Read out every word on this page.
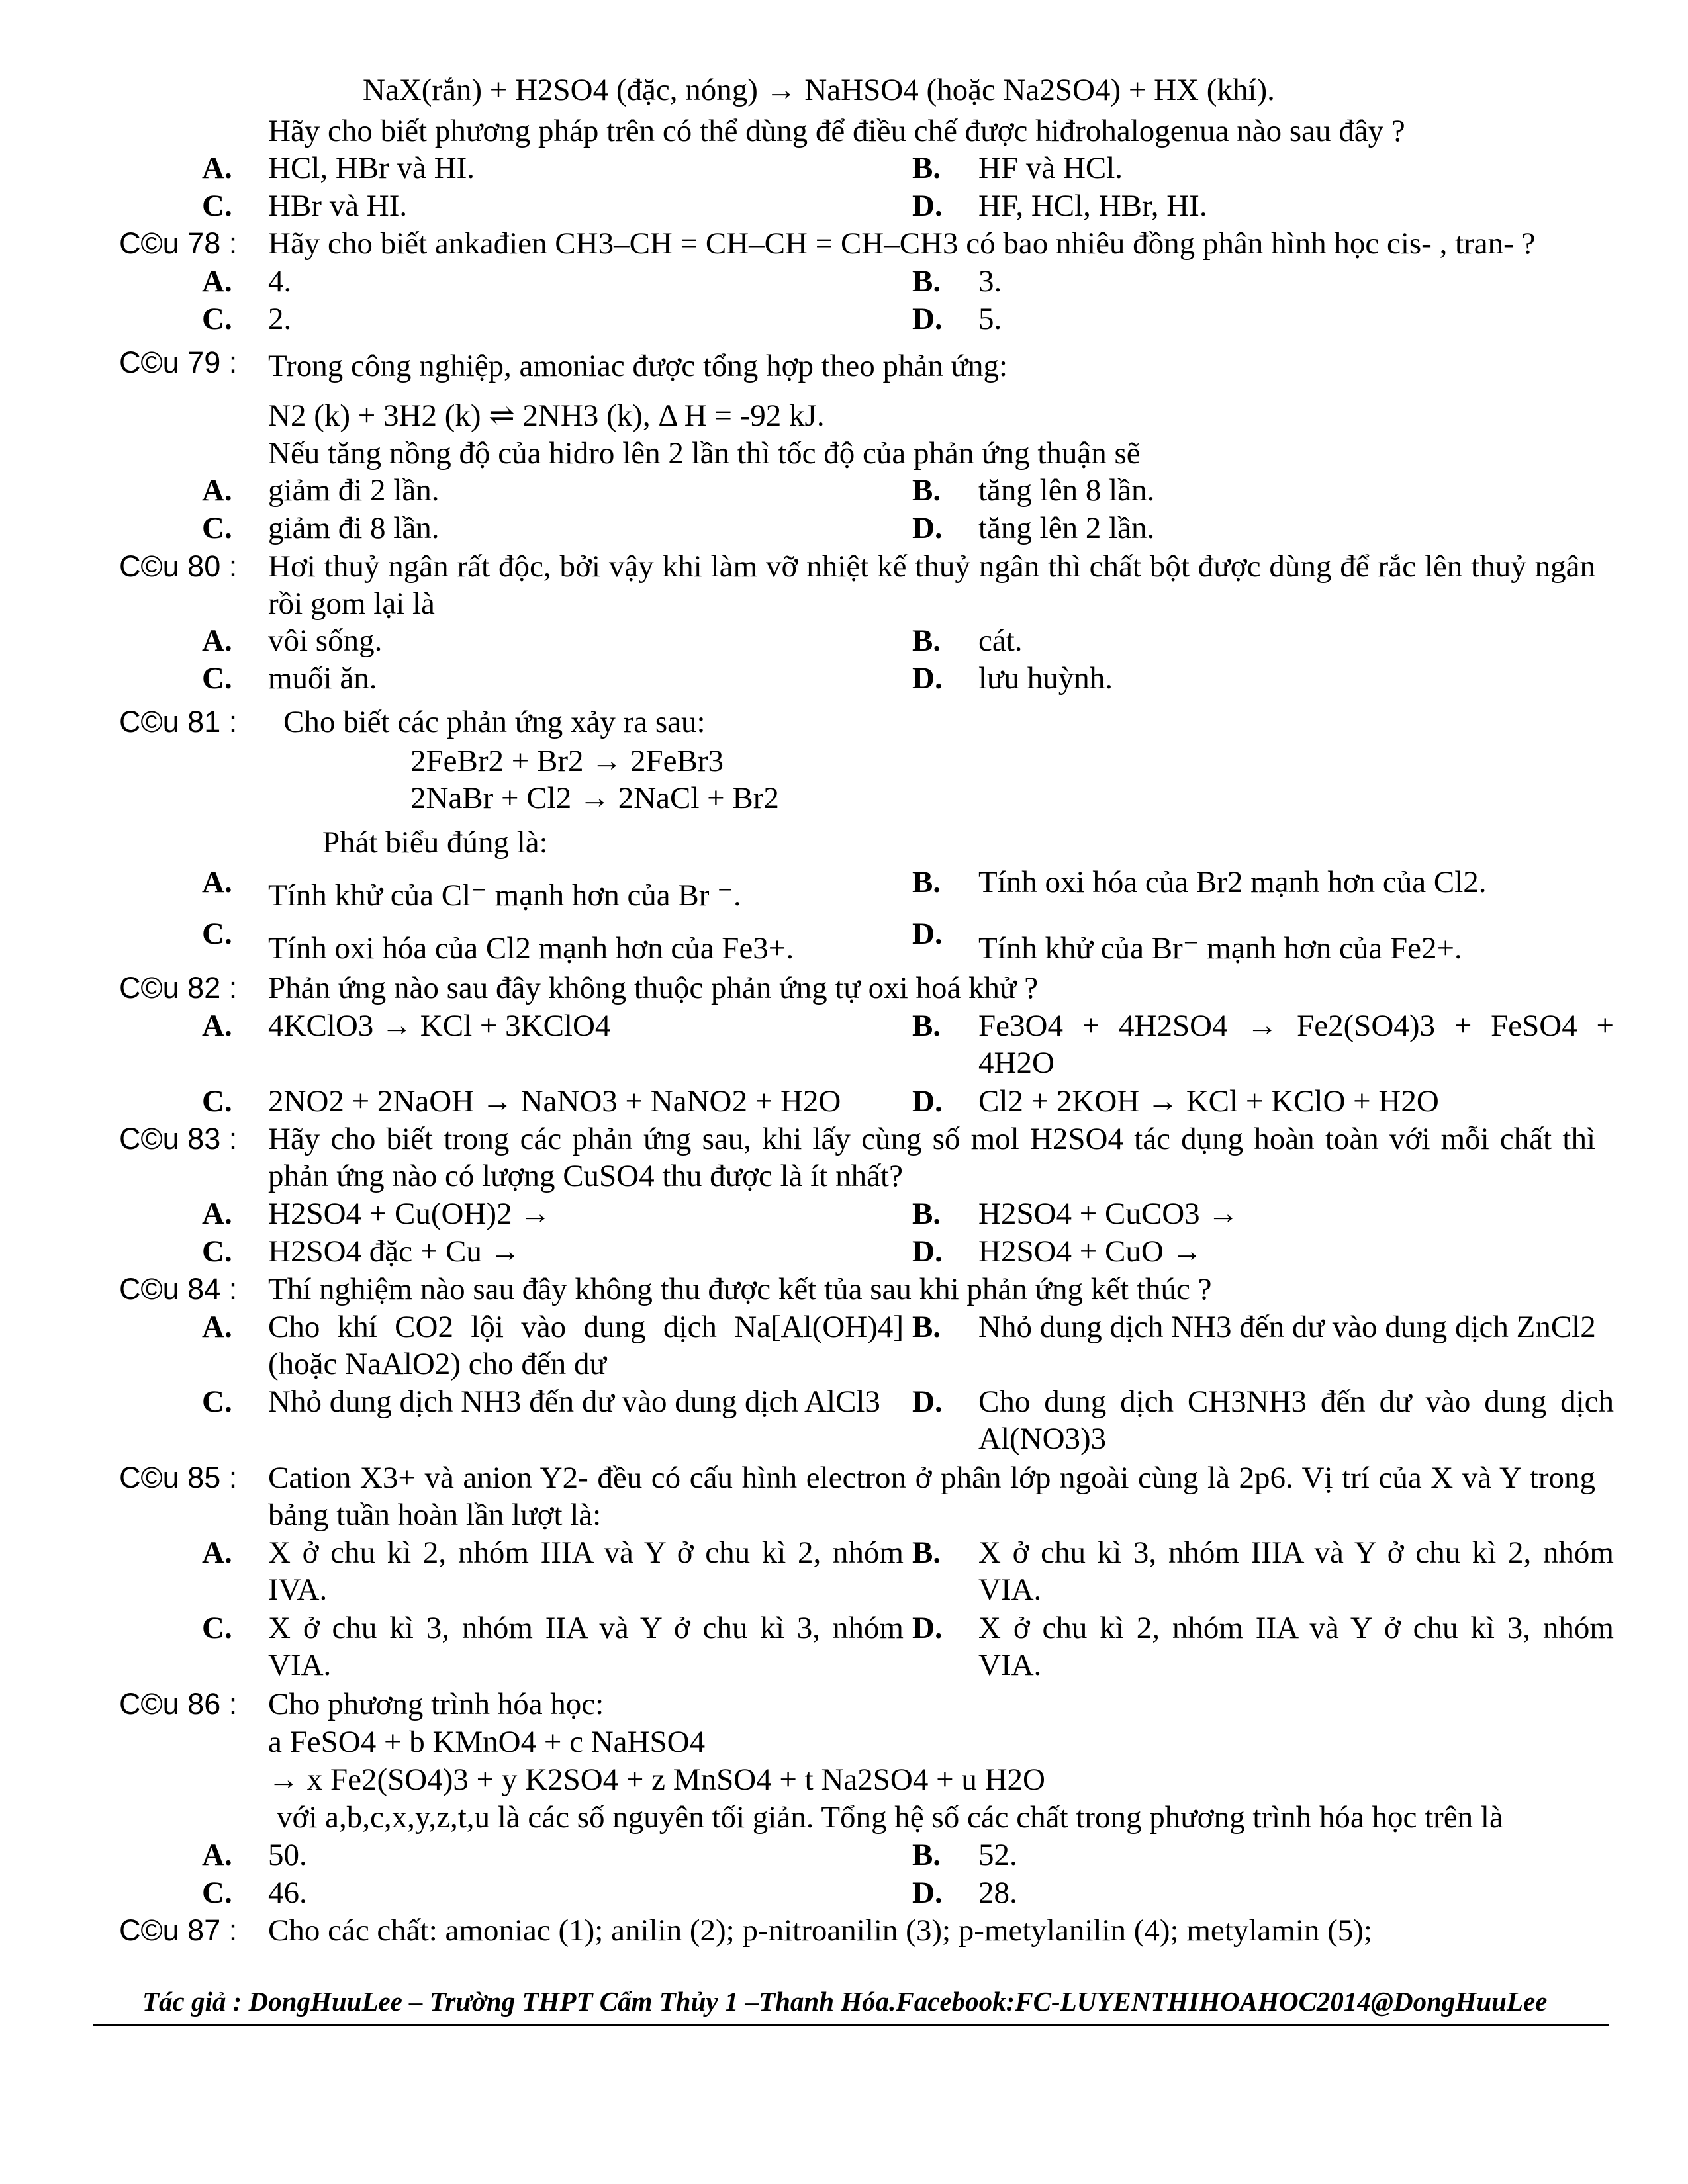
NaX(rắn) + H2SO4 (đặc, nóng) → NaHSO4 (hoặc Na2SO4) + HX (khí).
Hãy cho biết phương pháp trên có thể dùng để điều chế được hiđrohalogenua nào sau đây ?
A. HCl, HBr và HI.	B. HF và HCl.
C. HBr và HI.	D. HF, HCl, HBr, HI.
C©u 78 : Hãy cho biết ankađien CH3–CH = CH–CH = CH–CH3 có bao nhiêu đồng phân hình học cis- , tran- ?
A. 4.	B. 3.
C. 2.	D. 5.
C©u 79 : Trong công nghiệp, amoniac được tổng hợp theo phản ứng:
N2 (k) + 3H2 (k) ⇌ 2NH3 (k), Δ H = -92 kJ.
Nếu tăng nồng độ của hidro lên 2 lần thì tốc độ của phản ứng thuận sẽ
A. giảm đi 2 lần.	B. tăng lên 8 lần.
C. giảm đi 8 lần.	D. tăng lên 2 lần.
C©u 80 : Hơi thuỷ ngân rất độc, bởi vậy khi làm vỡ nhiệt kế thuỷ ngân thì chất bột được dùng để rắc lên thuỷ ngân rồi gom lại là
A. vôi sống.	B. cát.
C. muối ăn.	D. lưu huỳnh.
C©u 81 : Cho biết các phản ứng xảy ra sau:
2FeBr2 + Br2 → 2FeBr3
2NaBr + Cl2 → 2NaCl + Br2
Phát biểu đúng là:
A. Tính khử của Cl⁻ mạnh hơn của Br ⁻.	B. Tính oxi hóa của Br2 mạnh hơn của Cl2.
C. Tính oxi hóa của Cl2 mạnh hơn của Fe3+.	D. Tính khử của Br⁻ mạnh hơn của Fe2+.
C©u 82 : Phản ứng nào sau đây không thuộc phản ứng tự oxi hoá khử ?
A. 4KClO3 → KCl + 3KClO4	B. Fe3O4 + 4H2SO4 → Fe2(SO4)3 + FeSO4 + 4H2O
C. 2NO2 + 2NaOH → NaNO3 + NaNO2 + H2O D. Cl2 + 2KOH → KCl + KClO + H2O
C©u 83 : Hãy cho biết trong các phản ứng sau, khi lấy cùng số mol H2SO4 tác dụng hoàn toàn với mỗi chất thì phản ứng nào có lượng CuSO4 thu được là ít nhất?
A. H2SO4 + Cu(OH)2 →	B. H2SO4 + CuCO3 →
C. H2SO4 đặc + Cu →	D. H2SO4 + CuO →
C©u 84 : Thí nghiệm nào sau đây không thu được kết tủa sau khi phản ứng kết thúc ?
A. Cho khí CO2 lội vào dung dịch Na[Al(OH)4] (hoặc NaAlO2) cho đến dư
B. Nhỏ dung dịch NH3 đến dư vào dung dịch ZnCl2
C. Nhỏ dung dịch NH3 đến dư vào dung dịch AlCl3	D. Cho dung dịch CH3NH3 đến dư vào dung dịch Al(NO3)3
C©u 85 : Cation X3+ và anion Y2- đều có cấu hình electron ở phân lớp ngoài cùng là 2p6. Vị trí của X và Y trong bảng tuần hoàn lần lượt là:
A. X ở chu kì 2, nhóm IIIA và Y ở chu kì 2, nhóm IVA.
B. X ở chu kì 3, nhóm IIIA và Y ở chu kì 2, nhóm VIA.
C. X ở chu kì 3, nhóm IIA và Y ở chu kì 3, nhóm VIA.
D. X ở chu kì 2, nhóm IIA và Y ở chu kì 3, nhóm VIA.
C©u 86 : Cho phương trình hóa học:
a FeSO4 + b KMnO4 + c NaHSO4
→ x Fe2(SO4)3 + y K2SO4 + z MnSO4 + t Na2SO4 + u H2O
với a,b,c,x,y,z,t,u là các số nguyên tối giản. Tổng hệ số các chất trong phương trình hóa học trên là
A. 50.	B. 52.
C. 46.	D. 28.
C©u 87 : Cho các chất: amoniac (1); anilin (2); p-nitroanilin (3); p-metylanilin (4); metylamin (5);
Tác giả : DongHuuLee – Trường THPT Cẩm Thủy 1 –Thanh Hóa.Facebook:FC-LUYENTHIHOAHOC2014@DongHuuLee
